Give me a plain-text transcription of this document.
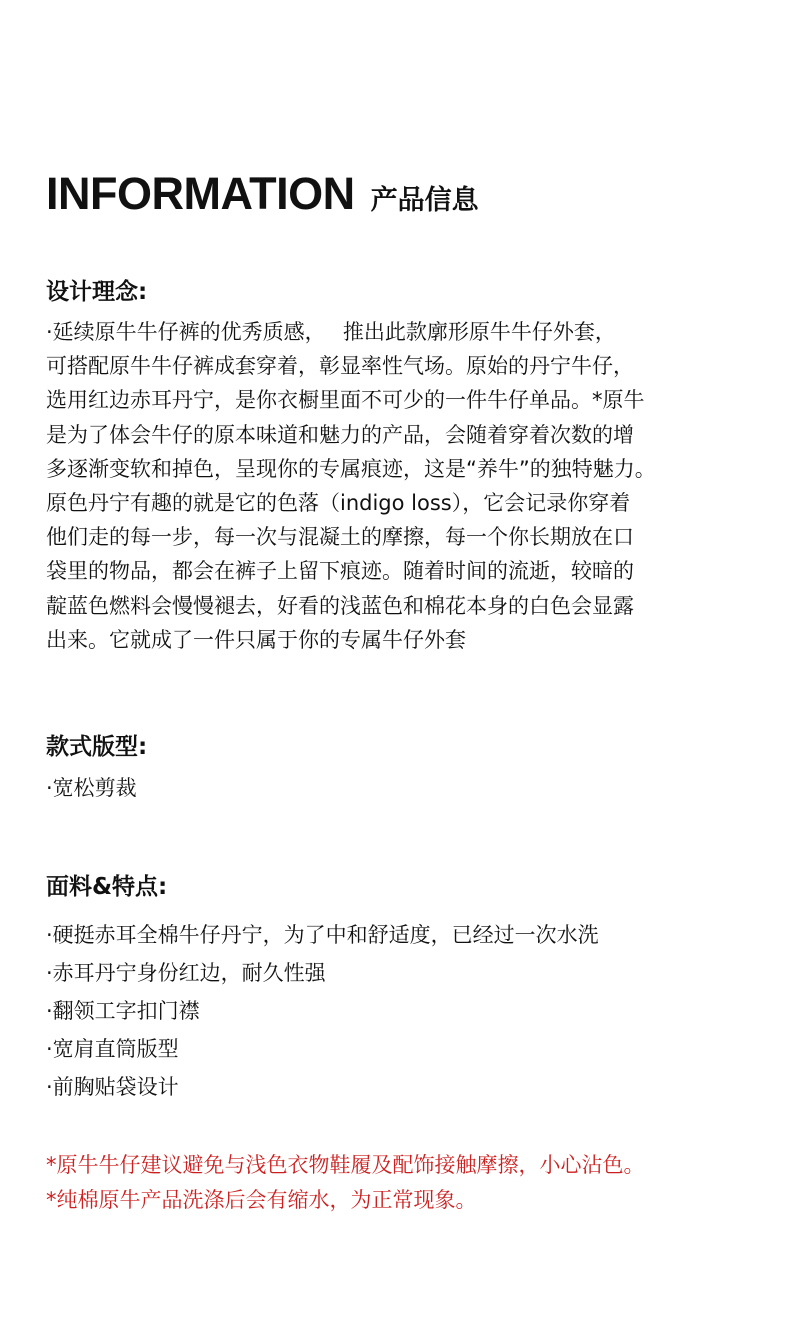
INFORMATION 产品信息
设计理念:
·延续原牛牛仔裤的优秀质感，　 推出此款廓形原牛牛仔外套，
可搭配原牛牛仔裤成套穿着，彰显率性气场。原始的丹宁牛仔，
选用红边赤耳丹宁，是你衣橱里面不可少的一件牛仔单品。*原牛
是为了体会牛仔的原本味道和魅力的产品，会随着穿着次数的增
多逐渐变软和掉色，呈现你的专属痕迹，这是“养牛”的独特魅力。
原色丹宁有趣的就是它的色落（indigo loss），它会记录你穿着
他们走的每一步，每一次与混凝土的摩擦，每一个你长期放在口
袋里的物品，都会在裤子上留下痕迹。随着时间的流逝，较暗的
靛蓝色燃料会慢慢褪去，好看的浅蓝色和棉花本身的白色会显露
出来。它就成了一件只属于你的专属牛仔外套
款式版型:
·宽松剪裁
面料&特点:
·硬挺赤耳全棉牛仔丹宁，为了中和舒适度，已经过一次水洗
·赤耳丹宁身份红边，耐久性强
·翻领工字扣门襟
·宽肩直筒版型
·前胸贴袋设计
*原牛牛仔建议避免与浅色衣物鞋履及配饰接触摩擦，小心沾色。
*纯棉原牛产品洗涤后会有缩水，为正常现象。
